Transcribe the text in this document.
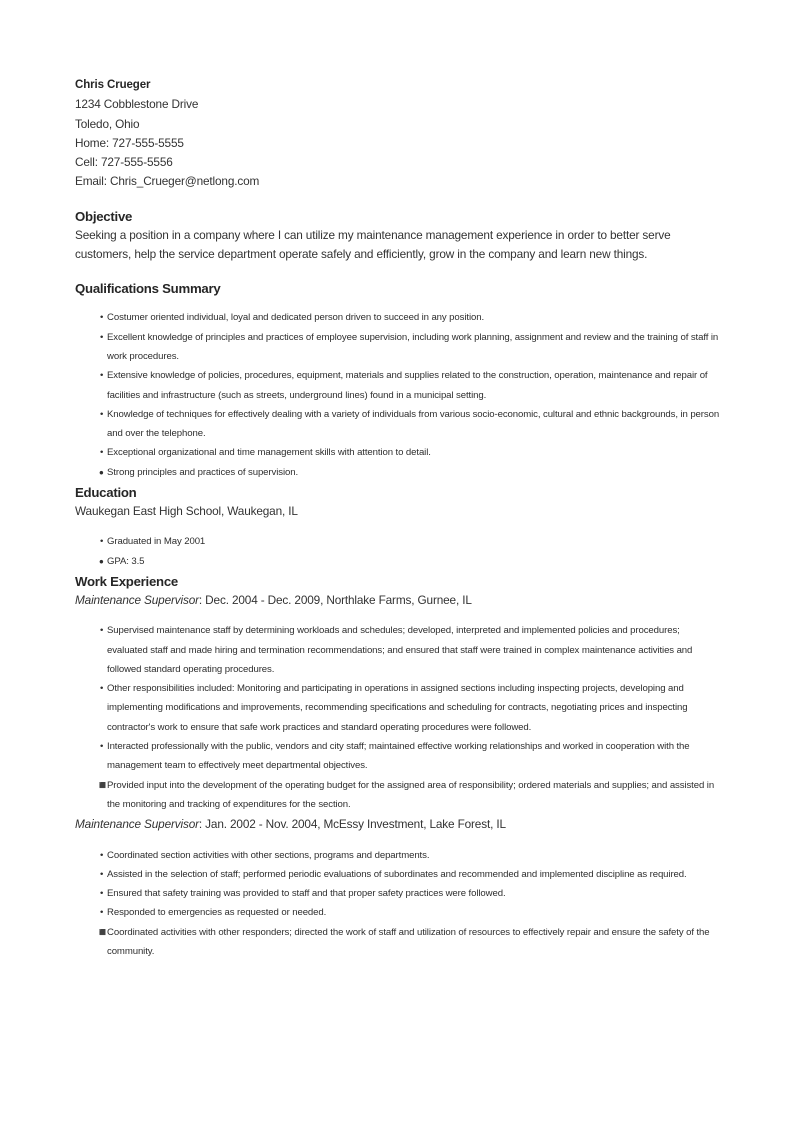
Chris Crueger
1234 Cobblestone Drive
Toledo, Ohio
Home: 727-555-5555
Cell: 727-555-5556
Email: Chris_Crueger@netlong.com
Objective
Seeking a position in a company where I can utilize my maintenance management experience in order to better serve customers, help the service department operate safely and efficiently, grow in the company and learn new things.
Qualifications Summary
•
Costumer oriented individual, loyal and dedicated person driven to succeed in any position.
•
Excellent knowledge of principles and practices of employee supervision, including work planning, assignment and review and the training of staff in work procedures.
•
Extensive knowledge of policies, procedures, equipment, materials and supplies related to the construction, operation, maintenance and repair of facilities and infrastructure (such as streets, underground lines) found in a municipal setting.
•
Knowledge of techniques for effectively dealing with a variety of individuals from various socio-economic, cultural and ethnic backgrounds, in person and over the telephone.
•
Exceptional organizational and time management skills with attention to detail.
●
Strong principles and practices of supervision.
Education
Waukegan East High School, Waukegan, IL
•
Graduated in May 2001
●
GPA: 3.5
Work Experience
Maintenance Supervisor: Dec. 2004 - Dec. 2009, Northlake Farms, Gurnee, IL
•
Supervised maintenance staff by determining workloads and schedules; developed, interpreted and implemented policies and procedures; evaluated staff and made hiring and termination recommendations; and ensured that staff were trained in complex maintenance activities and followed standard operating procedures.
•
Other responsibilities included: Monitoring and participating in operations in assigned sections including inspecting projects, developing and implementing modifications and improvements, recommending specifications and scheduling for contracts, negotiating prices and inspecting contractor's work to ensure that safe work practices and standard operating procedures were followed.
•
Interacted professionally with the public, vendors and city staff; maintained effective working relationships and worked in cooperation with the management team to effectively meet departmental objectives.
⬛
Provided input into the development of the operating budget for the assigned area of responsibility; ordered materials and supplies; and assisted in the monitoring and tracking of expenditures for the section.
Maintenance Supervisor: Jan. 2002 - Nov. 2004, McEssy Investment, Lake Forest, IL
•
Coordinated section activities with other sections, programs and departments.
•
Assisted in the selection of staff; performed periodic evaluations of subordinates and recommended and implemented discipline as required.
•
Ensured that safety training was provided to staff and that proper safety practices were followed.
•
Responded to emergencies as requested or needed.
⬛
Coordinated activities with other responders; directed the work of staff and utilization of resources to effectively repair and ensure the safety of the community.
